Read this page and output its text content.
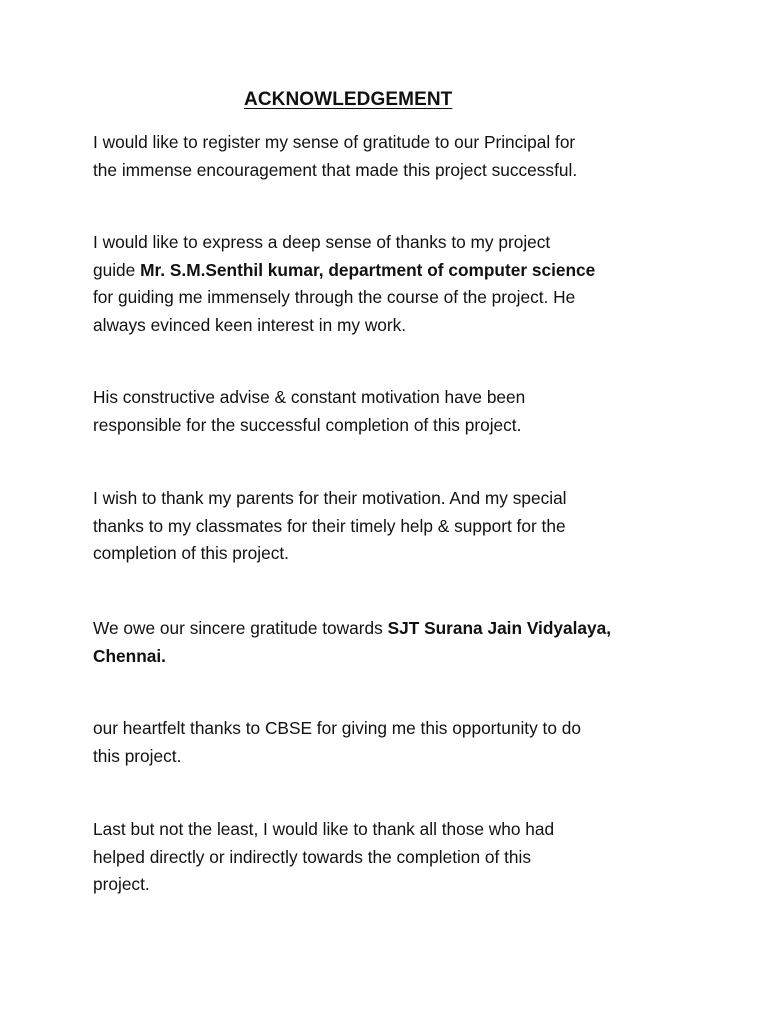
ACKNOWLEDGEMENT

I would like to register my sense of gratitude to our Principal for
the immense encouragement that made this project successful.

I would like to express a deep sense of thanks to my project
guide Mr. S.M.Senthil kumar, department of computer science
for guiding me immensely through the course of the project. He
always evinced keen interest in my work.

His constructive advise & constant motivation have been
responsible for the successful completion of this project.

I wish to thank my parents for their motivation. And my special
thanks to my classmates for their timely help & support for the
completion of this project.

We owe our sincere gratitude towards SJT Surana Jain Vidyalaya,
Chennai.

our heartfelt thanks to CBSE for giving me this opportunity to do
this project.

Last but not the least, I would like to thank all those who had
helped directly or indirectly towards the completion of this
project.
